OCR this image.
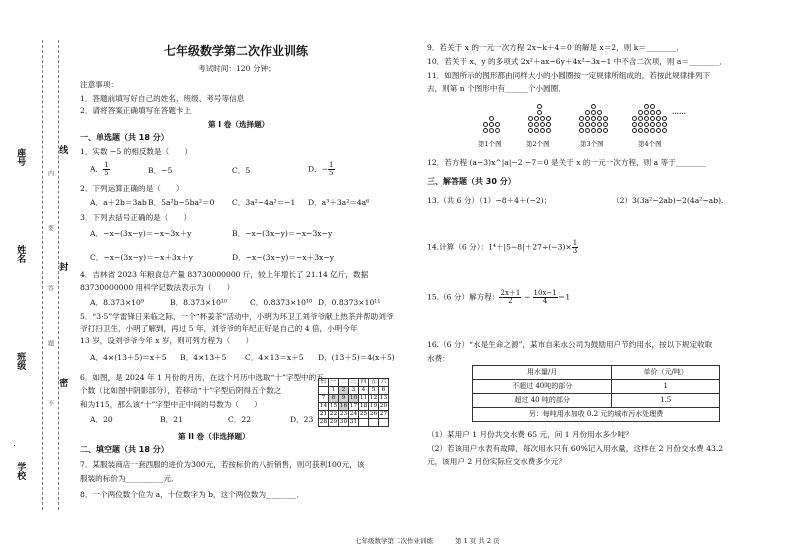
学校
班级
姓名
座号
密
封
线
内
要
答
题
不
七年级数学第二次作业训练
考试时间：120 分钟；
注意事项：
1．答题前填写好自己的姓名、班级、考号等信息
2．请将答案正确填写在答题卡上
第 I 卷（选择题）
一、单选题（共 18 分）
1．实数 −5 的相反数是（　　）
A． $\frac{1}{5}$	B．−5	C．5	D．− $\frac{1}{5}$
2．下列运算正确的是（　　）
A．a＋2b＝3ab B．5a²b−5ba²＝0 C．3a²−4a²＝−1 D．a³＋3a²＝4a⁶
3．下列去括号正确的是（　　）
A．−x−(3x−y)＝−x−3x＋y	B．−x−(3x−y)＝−x−3x−y
C．−x−(3x−y)＝−x＋3x＋y	D．−x−(3x−y)＝−x＋3x−y
4．吉林省 2023 年粮食总产量 83730000000 斤，较上年增长了 21.14 亿斤，数据
83730000000 用科学记数法表示为（　　）
A．8.373×10⁹	B．8.373×10¹⁰	C．0.8373×10¹⁰ D．0.8373×10¹¹
5．“3·5”学雷锋日来临之际，一个“杯姜茶”活动中，小明为环卫工刘爷爷献上热茶并帮助刘爷
爷打扫卫生，小明了解到，再过 5 年，刘爷爷的年纪正好是自己的 4 倍，小明今年
13 岁，设刘爷爷今年 x 岁，则可列方程为（　　）
A．4×(13＋5)＝x＋5 B．4×13＋5 C．4×13＝x＋5 D．(13＋5)＝4(x＋5)
6．如图，是 2024 年 1 月份的月历，在这个月历中选取“十”字型中的五
个数（比如图中阴影部分），若移动“十”字型后阴得五个数之
和为115，那么该“十”字型中正中间的号数为（　　）
A．20	B．21	C．22	D．23
日	一	二	三	四	五	六
	1	2	3	4	5	6
7	8	9	10	11	12	13
14	15	16	17	18	19	20
21	22	23	24	25	26	27
28	29	30	31			
第 II 卷（非选择题）
二、填空题（共 18 分）
7．某服装商店一套西服的进价为300元，若按标价的八折销售，则可获利100元，该
服装的标价为__________元．
8．一个两位数个位为 a，十位数字为 b，这个两位数为________．
9．若关于 x 的一元一次方程 2x−k＋4＝0 的解是 x＝2，则 k＝________．
10．若关于 x、y 的多项式 2x²＋ax−6y＋4x²−3x−1 中不含二次项，则 a＝________．
11．如图所示的图形都由同样大小的小圆圈按一定规律所组成的，若按此规律排列下
去，则第 n 个图形中有______个小圆圈．
第1个图	第2个图	第3个图	第4个图
……
12．若方程 (a−3)x^|a|−2 −7＝0 是关于 x 的一元一次方程，则 a 等于________
三、解答题（共 30 分）
13.（共 6 分）（1）−8＋4＋(−2)；	（2）3(3a²−2ab)−2(4a²−ab).
14.计算（6 分）：$1^4+|5-8|+27\div(-3)\times \frac{1}{3}$
15.（6 分）解方程： $\frac{2x+1}{2} - \frac{10x-1}{4} =1$
16.（6 分）“水是生命之源”，某市自来水公司为鼓励用户节约用水，按以下规定收取
水费：
用水量/月	单价（元/吨）
不超过 40吨的部分	1
超过 40 吨的部分	1.5
另：每吨用水加收 0.2 元的城市污水处理费	
（1）某用户 1 月份共交水费 65 元，问 1 月份用水多少吨？
（2）若该用户水表有故障，每次用水只有 60%记入用水量，这样在 2 月份交水费 43.2
元，该用户 2 月份实际应交水费多少元？
七年级数学第二次作业训练	第 1 页 共 2 页
